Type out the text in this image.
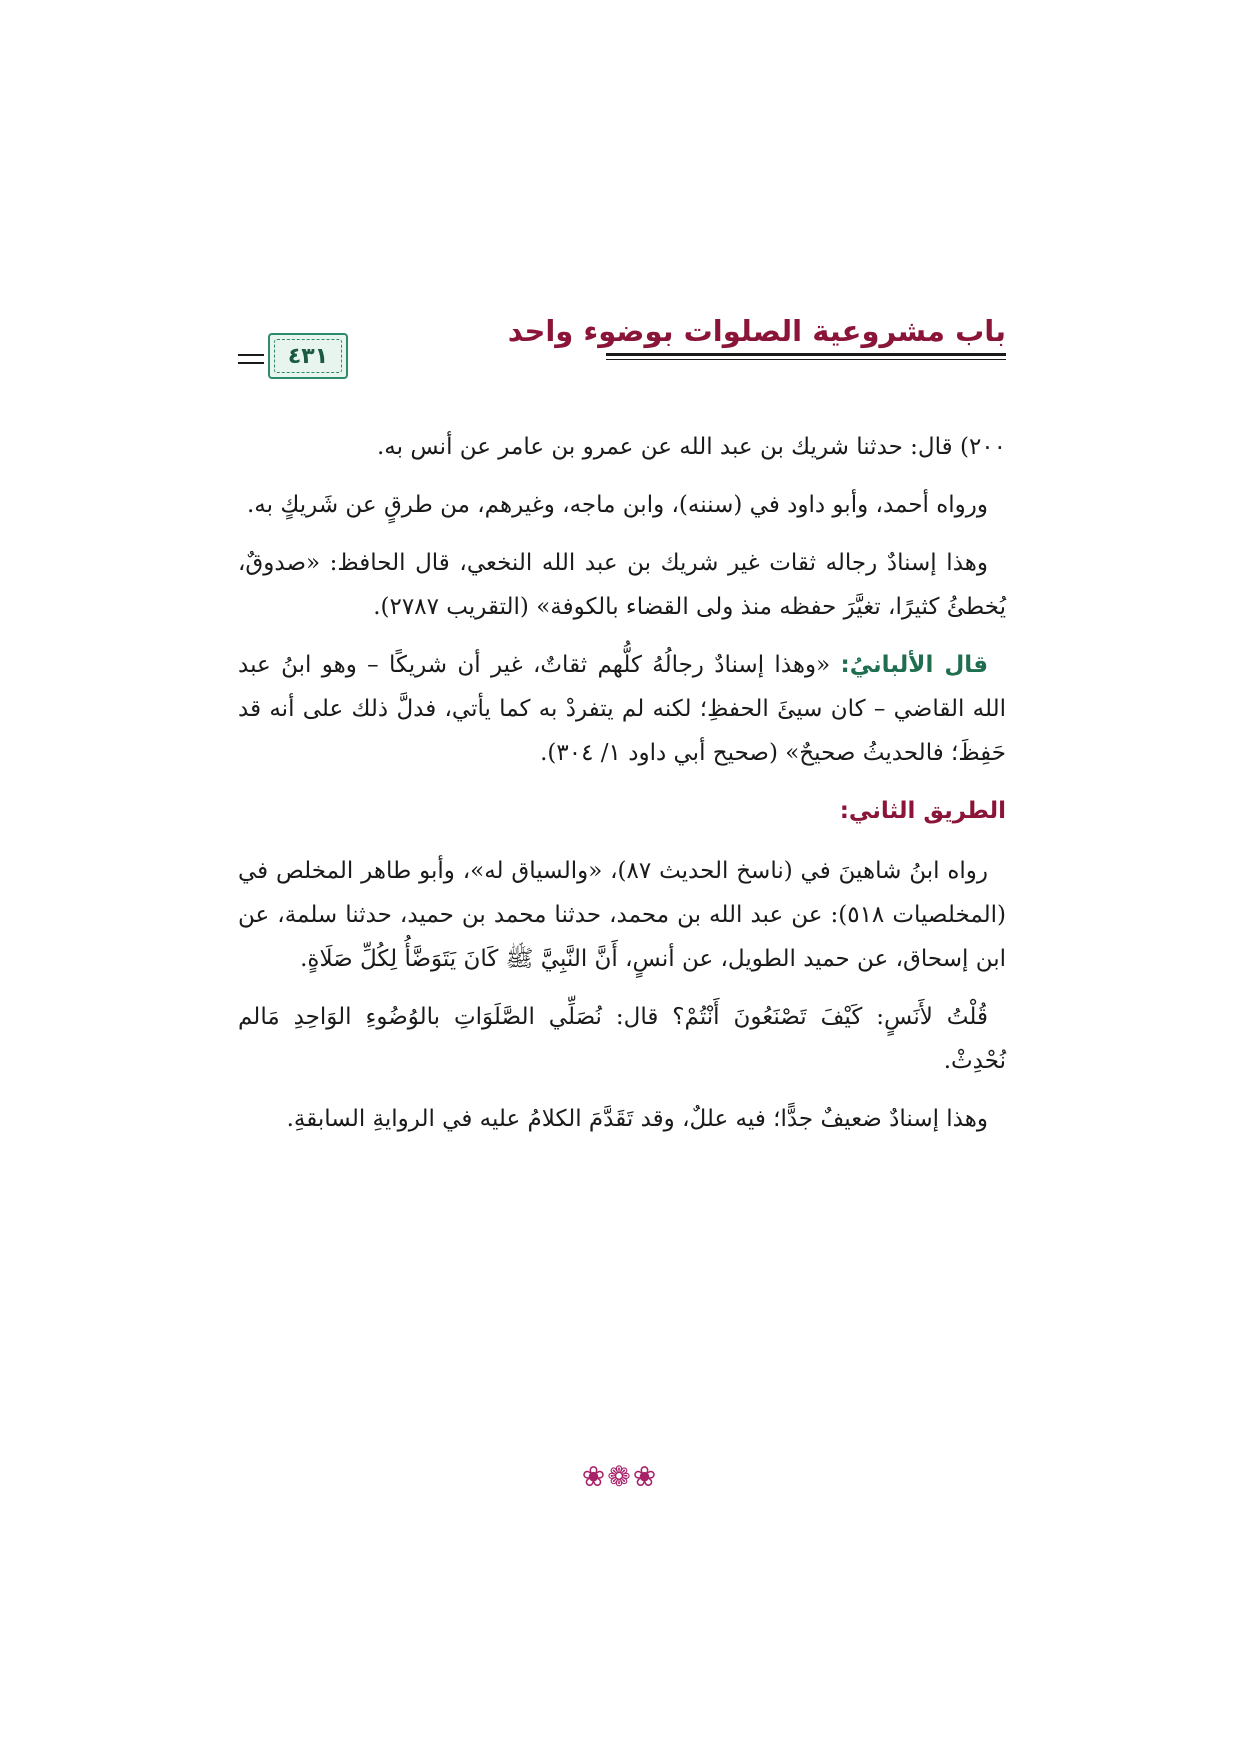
باب مشروعية الصلوات بوضوء واحد
٤٣١

٢٠٠) قال: حدثنا شريك بن عبد الله عن عمرو بن عامر عن أنس به.

ورواه أحمد، وأبو داود في (سننه)، وابن ماجه، وغيرهم، من طرقٍ عن شَريكٍ به.

وهذا إسنادٌ رجاله ثقات غير شريك بن عبد الله النخعي، قال الحافظ: «صدوقٌ، يُخطئُ كثيرًا، تغيَّرَ حفظه منذ ولى القضاء بالكوفة» (التقريب ٢٧٨٧).

قال الألبانيُ: «وهذا إسنادٌ رجالُهُ كلُّهم ثقاتٌ، غير أن شريكًا – وهو ابنُ عبد الله القاضي – كان سيئَ الحفظِ؛ لكنه لم يتفردْ به كما يأتي، فدلَّ ذلك على أنه قد حَفِظَ؛ فالحديثُ صحيحٌ» (صحيح أبي داود ١/ ٣٠٤).

الطريق الثاني:

رواه ابنُ شاهينَ في (ناسخ الحديث ٨٧)، «والسياق له»، وأبو طاهر المخلص في (المخلصيات ٥١٨): عن عبد الله بن محمد، حدثنا محمد بن حميد، حدثنا سلمة، عن ابن إسحاق، عن حميد الطويل، عن أنسٍ، أَنَّ النَّبِيَّ ﷺ كَانَ يَتَوَضَّأُ لِكُلِّ صَلَاةٍ.

قُلْتُ لأَنَسٍ: كَيْفَ تَصْنَعُونَ أَنْتُمْ؟ قال: نُصَلِّي الصَّلَوَاتِ بالوُضُوءِ الوَاحِدِ مَالم نُحْدِثْ.

وهذا إسنادٌ ضعيفٌ جدًّا؛ فيه عللٌ، وقد تَقَدَّمَ الكلامُ عليه في الروايةِ السابقةِ.

❀❁❀
